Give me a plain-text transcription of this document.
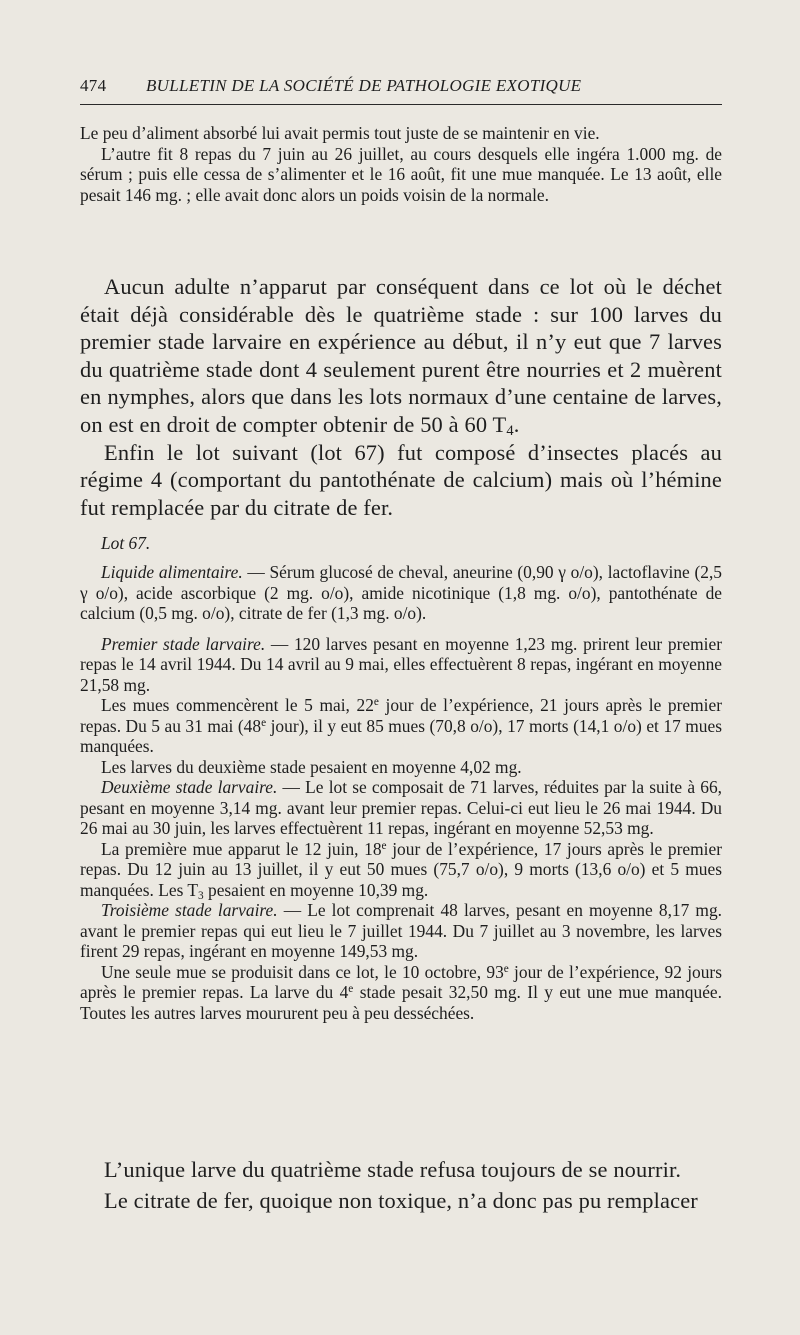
474 BULLETIN DE LA SOCIÉTÉ DE PATHOLOGIE EXOTIQUE

Le peu d’aliment absorbé lui avait permis tout juste de se maintenir en vie.

L’autre fit 8 repas du 7 juin au 26 juillet, au cours desquels elle ingéra 1.000 mg. de sérum ; puis elle cessa de s’alimenter et le 16 août, fit une mue manquée. Le 13 août, elle pesait 146 mg. ; elle avait donc alors un poids voisin de la normale.

Aucun adulte n’apparut par conséquent dans ce lot où le déchet était déjà considérable dès le quatrième stade : sur 100 larves du premier stade larvaire en expérience au début, il n’y eut que 7 larves du quatrième stade dont 4 seulement purent être nourries et 2 muèrent en nymphes, alors que dans les lots normaux d’une centaine de larves, on est en droit de compter obtenir de 50 à 60 $T_4$.

Enfin le lot suivant (lot 67) fut composé d’insectes placés au régime 4 (comportant du pantothénate de calcium) mais où l’hémine fut remplacée par du citrate de fer.

Lot 67.

Liquide alimentaire. — Sérum glucosé de cheval, aneurine (0,90 γ o/o), lactoflavine (2,5 γ o/o), acide ascorbique (2 mg. o/o), amide nicotinique (1,8 mg. o/o), pantothénate de calcium (0,5 mg. o/o), citrate de fer (1,3 mg. o/o).

Premier stade larvaire. — 120 larves pesant en moyenne 1,23 mg. prirent leur premier repas le 14 avril 1944. Du 14 avril au 9 mai, elles effectuèrent 8 repas, ingérant en moyenne 21,58 mg.

Les mues commencèrent le 5 mai, 22e jour de l’expérience, 21 jours après le premier repas. Du 5 au 31 mai (48e jour), il y eut 85 mues (70,8 o/o), 17 morts (14,1 o/o) et 17 mues manquées.

Les larves du deuxième stade pesaient en moyenne 4,02 mg.

Deuxième stade larvaire. — Le lot se composait de 71 larves, réduites par la suite à 66, pesant en moyenne 3,14 mg. avant leur premier repas. Celui-ci eut lieu le 26 mai 1944. Du 26 mai au 30 juin, les larves effectuèrent 11 repas, ingérant en moyenne 52,53 mg.

La première mue apparut le 12 juin, 18e jour de l’expérience, 17 jours après le premier repas. Du 12 juin au 13 juillet, il y eut 50 mues (75,7 o/o), 9 morts (13,6 o/o) et 5 mues manquées. Les $T_3$ pesaient en moyenne 10,39 mg.

Troisième stade larvaire. — Le lot comprenait 48 larves, pesant en moyenne 8,17 mg. avant le premier repas qui eut lieu le 7 juillet 1944. Du 7 juillet au 3 novembre, les larves firent 29 repas, ingérant en moyenne 149,53 mg.

Une seule mue se produisit dans ce lot, le 10 octobre, 93e jour de l’expérience, 92 jours après le premier repas. La larve du 4e stade pesait 32,50 mg. Il y eut une mue manquée. Toutes les autres larves moururent peu à peu desséchées.

L’unique larve du quatrième stade refusa toujours de se nourrir.

Le citrate de fer, quoique non toxique, n’a donc pas pu remplacer
